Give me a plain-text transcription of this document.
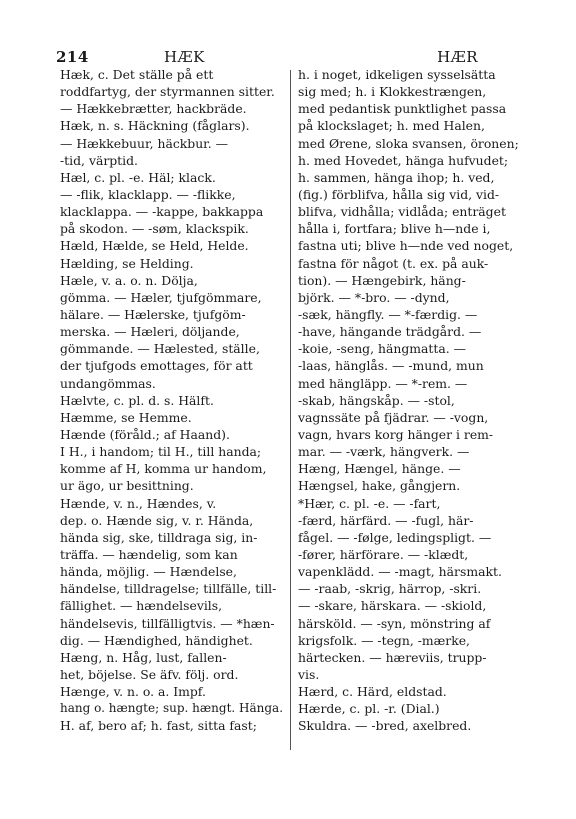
214	HÆK	HÆR
Hæk, c. Det ställe på ett
roddfartyg, der styrmannen sitter.
— Hækkebrætter, hackbräde.
Hæk, n. s. Häckning (fåglars).
— Hækkebuur, häckbur. —
-tid, värptid.
Hæl, c. pl. -e. Häl; klack.
— -flik, klacklapp. — -flikke,
klacklappa. — -kappe, bakkappa
på skodon. — -søm, klackspik.
Hæld, Hælde, se Held, Helde.
Hælding, se Helding.
Hæle, v. a. o. n. Dölja,
gömma. — Hæler, tjufgömmare,
hälare. — Hælerske, tjufgöm-
merska. — Hæleri, döljande,
gömmande. — Hælested, ställe,
der tjufgods emottages, för att
undangömmas.
Hælvte, c. pl. d. s. Hälft.
Hæmme, se Hemme.
Hænde (föråld.; af Haand).
I H., i handom; til H., till handa;
komme af H, komma ur handom,
ur ägo, ur besittning.
Hænde, v. n., Hændes, v.
dep. o. Hænde sig, v. r. Hända,
hända sig, ske, tilldraga sig, in-
träffa. — hændelig, som kan
hända, möjlig. — Hændelse,
händelse, tilldragelse; tillfälle, till-
fällighet. — hændelsevils,
händelsevis, tillfälligtvis. — *hæn-
dig. — Hændighed, händighet.
Hæng, n. Håg, lust, fallen-
het, böjelse. Se äfv. följ. ord.
Hænge, v. n. o. a. Impf.
hang o. hængte; sup. hængt. Hänga.
H. af, bero af; h. fast, sitta fast;
h. i noget, idkeligen sysselsätta
sig med; h. i Klokkestrængen,
med pedantisk punktlighet passa
på klockslaget; h. med Halen,
med Ørene, sloka svansen, öronen;
h. med Hovedet, hänga hufvudet;
h. sammen, hänga ihop; h. ved,
(fig.) förblifva, hålla sig vid, vid-
blifva, vidhålla; vidlåda; enträget
hålla i, fortfara; blive h—nde i,
fastna uti; blive h—nde ved noget,
fastna för något (t. ex. på auk-
tion). — Hængebirk, häng-
björk. — *-bro. — -dynd,
-sæk, hängfly. — *-færdig. —
-have, hängande trädgård. —
-koie, -seng, hängmatta. —
-laas, hänglås. — -mund, mun
med hängläpp. — *-rem. —
-skab, hängskåp. — -stol,
vagnssäte på fjädrar. — -vogn,
vagn, hvars korg hänger i rem-
mar. — -værk, hängverk. —
Hæng, Hængel, hänge. —
Hængsel, hake, gångjern.
*Hær, c. pl. -e. — -fart,
-færd, härfärd. — -fugl, här-
fågel. — -følge, ledingspligt. —
-fører, härförare. — -klædt,
vapenklädd. — -magt, härsmakt.
— -raab, -skrig, härrop, -skri.
— -skare, härskara. — -skiold,
härsköld. — -syn, mönstring af
krigsfolk. — -tegn, -mærke,
härtecken. — hæreviis, trupp-
vis.
Hærd, c. Härd, eldstad.
Hærde, c. pl. -r. (Dial.)
Skuldra. — -bred, axelbred.
